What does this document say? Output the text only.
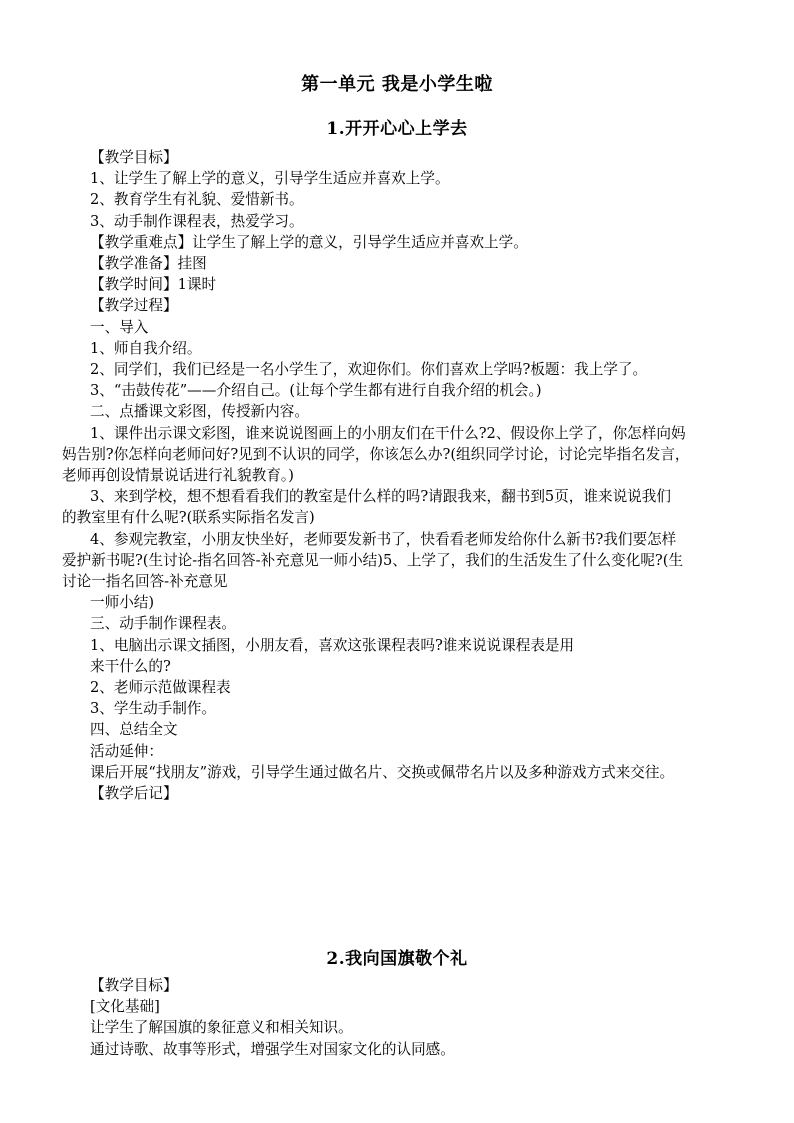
第一单元 我是小学生啦
1.开开心心上学去
【教学目标】
1、让学生了解上学的意义，引导学生适应并喜欢上学。
2、教育学生有礼貌、爱惜新书。
3、动手制作课程表，热爱学习。
【教学重难点】让学生了解上学的意义，引导学生适应并喜欢上学。
【教学准备】挂图
【教学时间】1课时
【教学过程】
一、导入
1、师自我介绍。
2、同学们，我们已经是一名小学生了，欢迎你们。你们喜欢上学吗?板题：我上学了。
3、“击鼓传花”——介绍自己。(让每个学生都有进行自我介绍的机会。)
二、点播课文彩图，传授新内容。
1、课件出示课文彩图，谁来说说图画上的小朋友们在干什么?2、假设你上学了，你怎样向妈
妈告别?你怎样向老师问好?见到不认识的同学，你该怎么办?(组织同学讨论，讨论完毕指名发言，
老师再创设情景说话进行礼貌教育。)
3、来到学校，想不想看看我们的教室是什么样的吗?请跟我来，翻书到5页，谁来说说我们
的教室里有什么呢?(联系实际指名发言)
4、参观完教室，小朋友快坐好，老师要发新书了，快看看老师发给你什么新书?我们要怎样
爱护新书呢?(生讨论-指名回答-补充意见一师小结)5、上学了，我们的生活发生了什么变化呢?(生
讨论一指名回答-补充意见
一师小结)
三、动手制作课程表。
1、电脑出示课文插图，小朋友看，喜欢这张课程表吗?谁来说说课程表是用
来干什么的?
2、老师示范做课程表
3、学生动手制作。
四、总结全文
活动延伸：
课后开展“找朋友”游戏，引导学生通过做名片、交换或佩带名片以及多种游戏方式来交往。
【教学后记】
2.我向国旗敬个礼
【教学目标】
[文化基础]
让学生了解国旗的象征意义和相关知识。
通过诗歌、故事等形式，增强学生对国家文化的认同感。
